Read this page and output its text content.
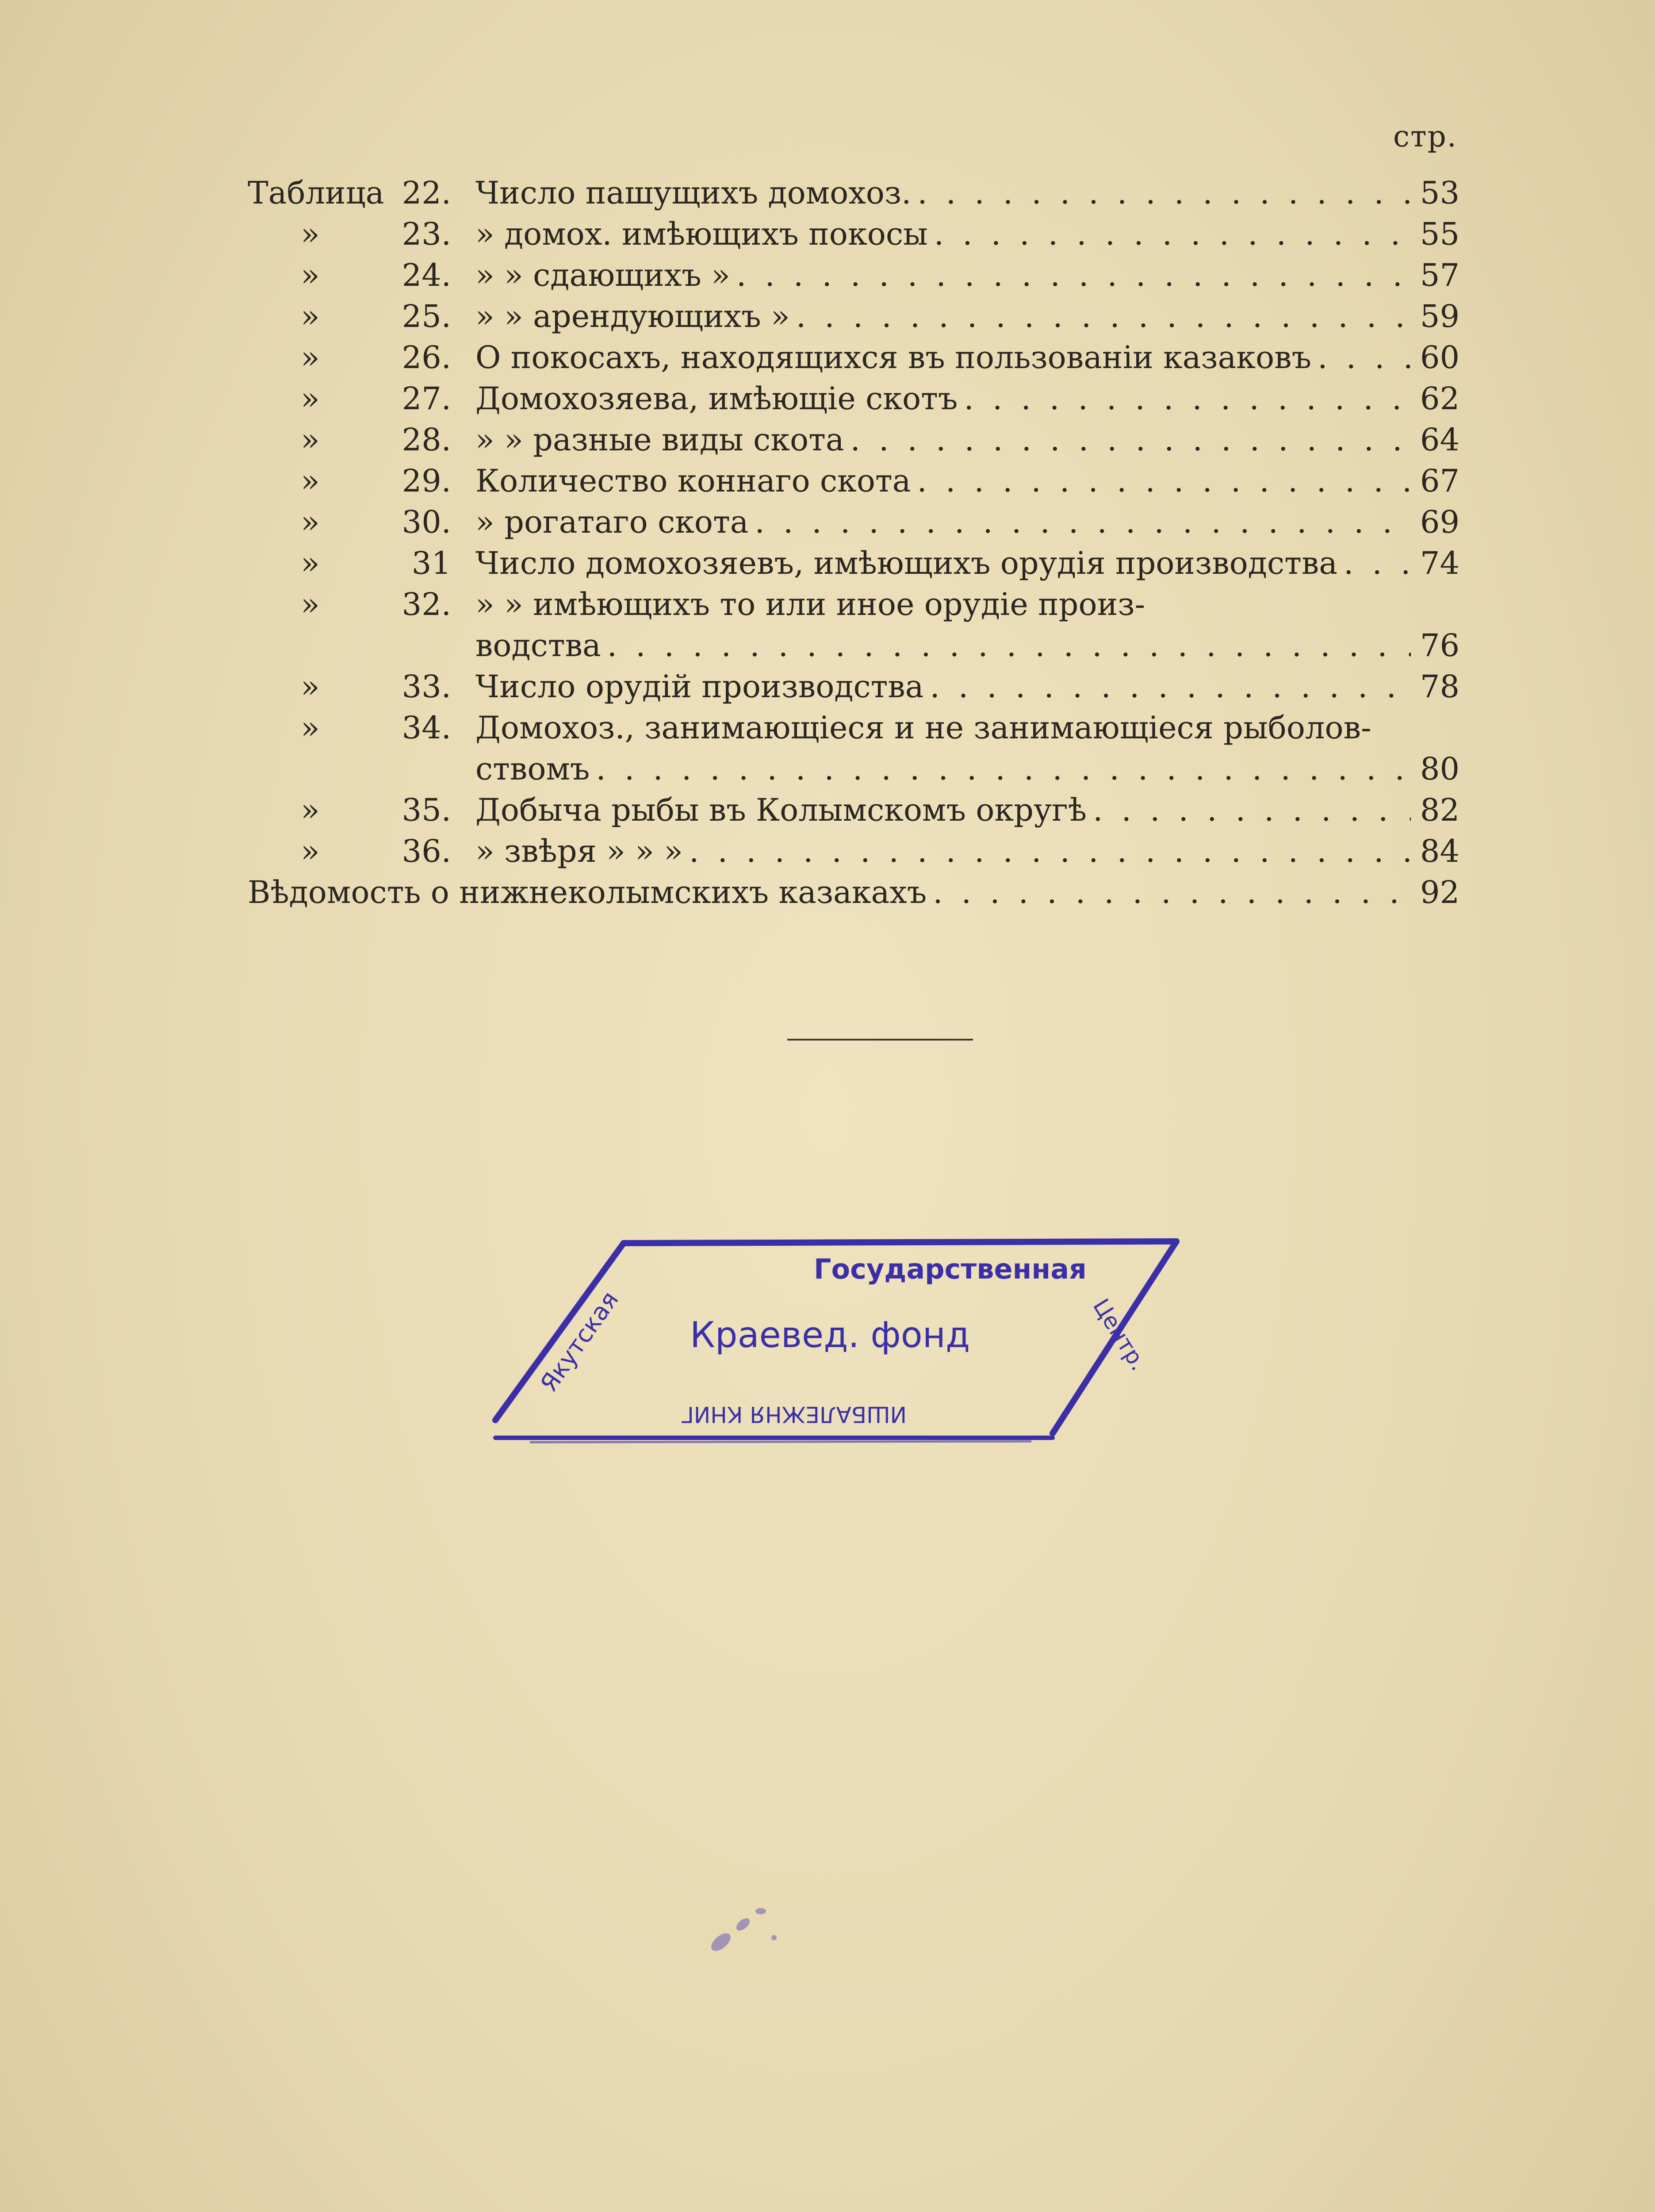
стр.
Таблица 22. Число пашущихъ домохоз. . . .	53
»	23. » домох. имѣющихъ покосы . . .	55
»	24. » » сдающихъ » . . .	57
»	25. » » арендующихъ » . . .	59
»	26. О покосахъ, находящихся въ пользованіи казаковъ . . .	60
»	27. Домохозяева, имѣющіе скотъ . . .	62
»	28. » » разные виды скота . . .	64
»	29. Количество коннаго скота . . .	67
»	30. » рогатаго скота . . .	69
»	31 Число домохозяевъ, имѣющихъ орудія производства . . .	74
»	32. » » имѣющихъ то или иное орудіе произ-
водства . . .	76
»	33. Число орудій производства . . .	78
»	34. Домохоз., занимающіеся и не занимающіеся рыболов-
ствомъ . . .	80
»	35. Добыча рыбы въ Колымскомъ округѣ . . .	82
»	36. » звѣря » » » . . .	84
Вѣдомость о нижнеколымскихъ казакахъ . . .	92
Государственная
Краевед. фонд
ИШБАЛЕЖНЯ КНИГ
Якутская	Центр.
